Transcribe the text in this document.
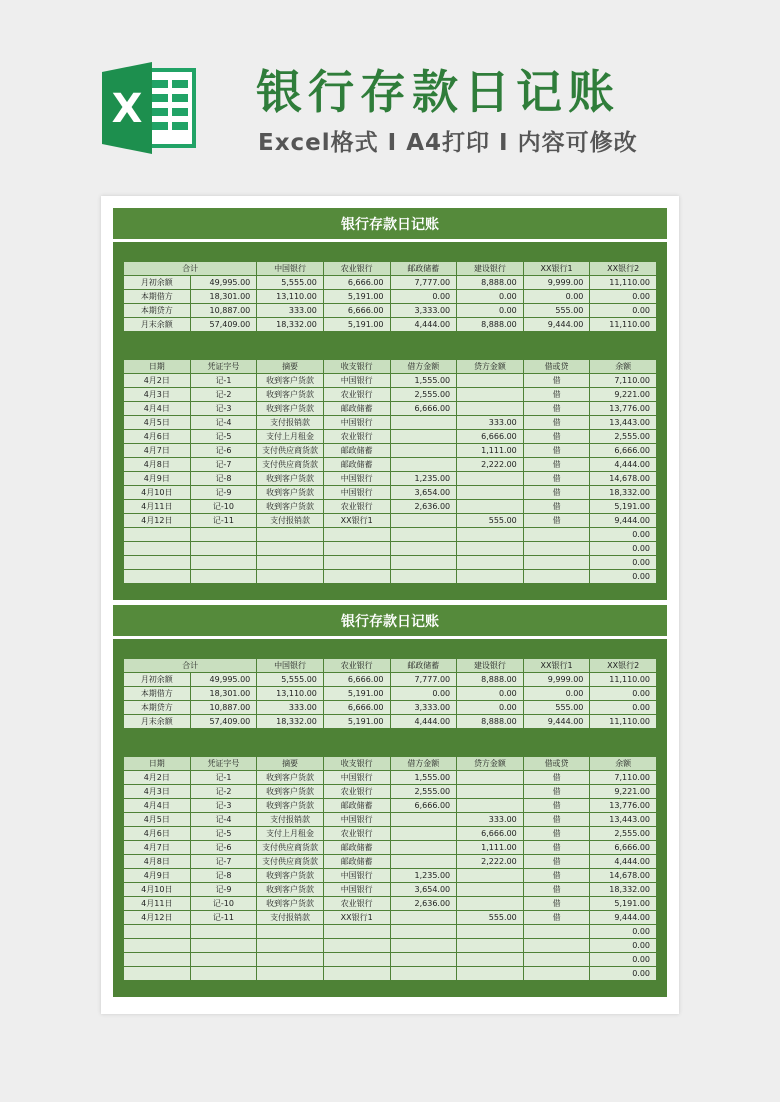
X 银行存款日记账
Excel格式 I A4打印 I 内容可修改
银行存款日记账
合计		中国银行	农业银行	邮政储蓄	建设银行	XX银行1	XX银行2
月初余额	49,995.00	5,555.00	6,666.00	7,777.00	8,888.00	9,999.00	11,110.00
本期借方	18,301.00	13,110.00	5,191.00	0.00	0.00	0.00	0.00
本期贷方	10,887.00	333.00	6,666.00	3,333.00	0.00	555.00	0.00
月末余额	57,409.00	18,332.00	5,191.00	4,444.00	8,888.00	9,444.00	11,110.00
日期	凭证字号	摘要	收支银行	借方金额	贷方金额	借或贷	余额
4月2日	记-1	收到客户货款	中国银行	1,555.00		借	7,110.00
4月3日	记-2	收到客户货款	农业银行	2,555.00		借	9,221.00
4月4日	记-3	收到客户货款	邮政储蓄	6,666.00		借	13,776.00
4月5日	记-4	支付报销款	中国银行		333.00	借	13,443.00
4月6日	记-5	支付上月租金	农业银行		6,666.00	借	2,555.00
4月7日	记-6	支付供应商货款	邮政储蓄		1,111.00	借	6,666.00
4月8日	记-7	支付供应商货款	邮政储蓄		2,222.00	借	4,444.00
4月9日	记-8	收到客户货款	中国银行	1,235.00		借	14,678.00
4月10日	记-9	收到客户货款	中国银行	3,654.00		借	18,332.00
4月11日	记-10	收到客户货款	农业银行	2,636.00		借	5,191.00
4月12日	记-11	支付报销款	XX银行1		555.00	借	9,444.00
							0.00
							0.00
							0.00
							0.00
银行存款日记账
合计		中国银行	农业银行	邮政储蓄	建设银行	XX银行1	XX银行2
月初余额	49,995.00	5,555.00	6,666.00	7,777.00	8,888.00	9,999.00	11,110.00
本期借方	18,301.00	13,110.00	5,191.00	0.00	0.00	0.00	0.00
本期贷方	10,887.00	333.00	6,666.00	3,333.00	0.00	555.00	0.00
月末余额	57,409.00	18,332.00	5,191.00	4,444.00	8,888.00	9,444.00	11,110.00
日期	凭证字号	摘要	收支银行	借方金额	贷方金额	借或贷	余额
4月2日	记-1	收到客户货款	中国银行	1,555.00		借	7,110.00
4月3日	记-2	收到客户货款	农业银行	2,555.00		借	9,221.00
4月4日	记-3	收到客户货款	邮政储蓄	6,666.00		借	13,776.00
4月5日	记-4	支付报销款	中国银行		333.00	借	13,443.00
4月6日	记-5	支付上月租金	农业银行		6,666.00	借	2,555.00
4月7日	记-6	支付供应商货款	邮政储蓄		1,111.00	借	6,666.00
4月8日	记-7	支付供应商货款	邮政储蓄		2,222.00	借	4,444.00
4月9日	记-8	收到客户货款	中国银行	1,235.00		借	14,678.00
4月10日	记-9	收到客户货款	中国银行	3,654.00		借	18,332.00
4月11日	记-10	收到客户货款	农业银行	2,636.00		借	5,191.00
4月12日	记-11	支付报销款	XX银行1		555.00	借	9,444.00
							0.00
							0.00
							0.00
							0.00
